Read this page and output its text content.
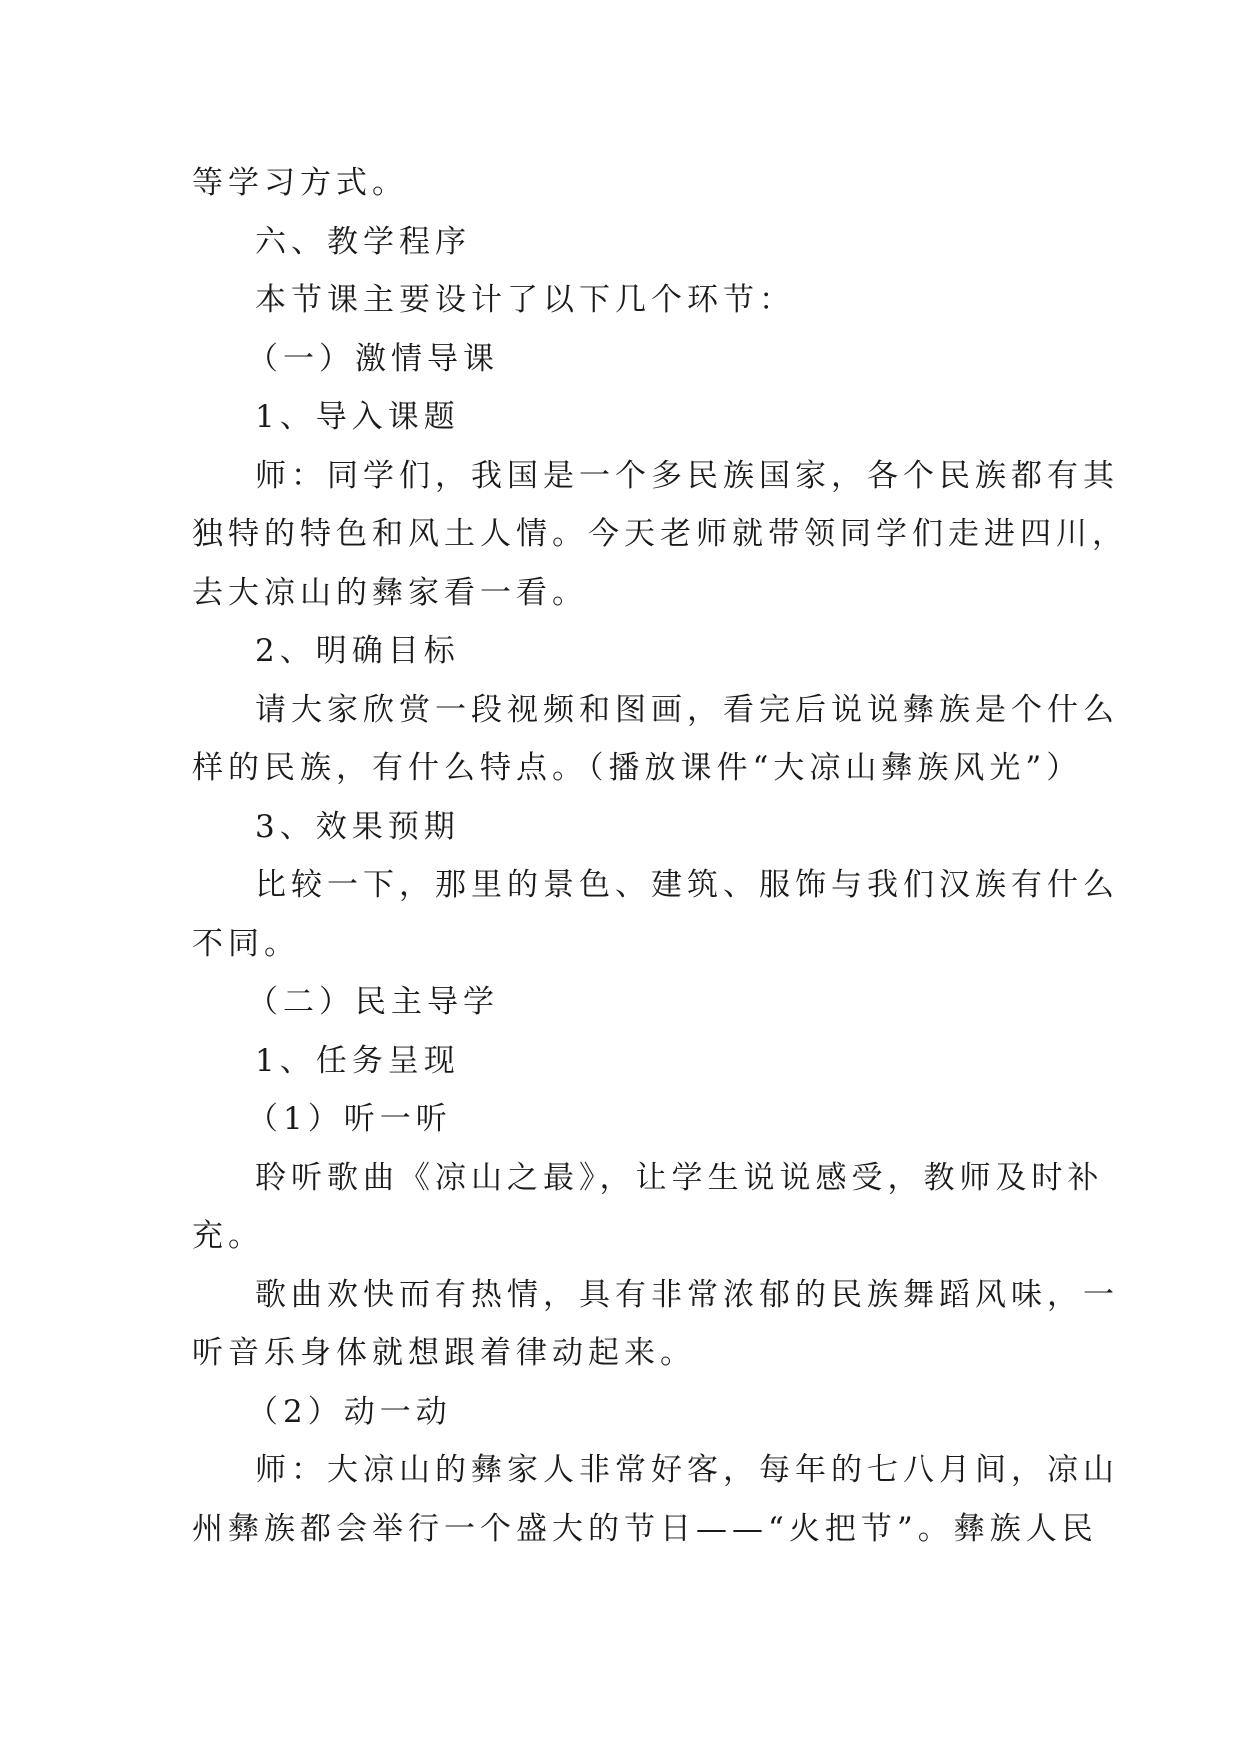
等学习方式。
六、教学程序
本节课主要设计了以下几个环节：
（一）激情导课
1、导入课题
师：同学们，我国是一个多民族国家，各个民族都有其
独特的特色和风土人情。今天老师就带领同学们走进四川，
去大凉山的彝家看一看。
2、明确目标
请大家欣赏一段视频和图画，看完后说说彝族是个什么
样的民族，有什么特点。（播放课件“大凉山彝族风光”）
3、效果预期
比较一下，那里的景色、建筑、服饰与我们汉族有什么
不同。
（二）民主导学
1、任务呈现
（1）听一听
聆听歌曲《凉山之最》，让学生说说感受，教师及时补
充。
歌曲欢快而有热情，具有非常浓郁的民族舞蹈风味，一
听音乐身体就想跟着律动起来。
（2）动一动
师：大凉山的彝家人非常好客，每年的七八月间，凉山
州彝族都会举行一个盛大的节日——“火把节”。彝族人民
